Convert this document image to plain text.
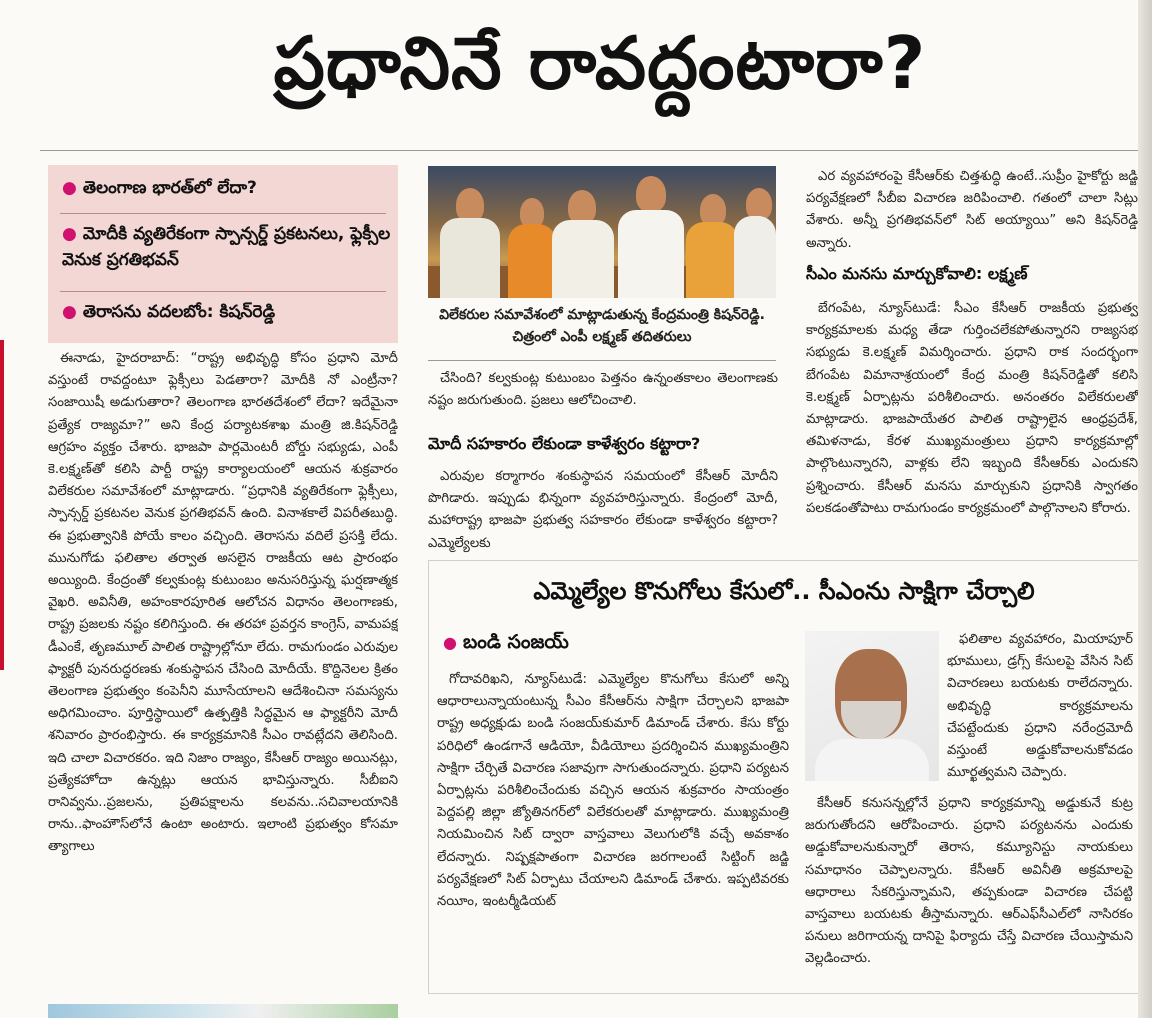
ప్రధానినే రావద్దంటారా?
● తెలంగాణ భారత్‌లో లేదా?
● మోదీకి వ్యతిరేకంగా స్పాన్సర్డ్‌ ప్రకటనలు, ఫ్లెక్సీల వెనుక ప్రగతిభవన్‌
● తెరాసను వదలబోం: కిషన్‌రెడ్డి

ఈనాడు, హైదరాబాద్‌: “రాష్ట్ర అభివృద్ధి కోసం ప్రధాని మోదీ వస్తుంటే రావద్దంటూ ఫ్లెక్సీలు పెడతారా? మోదీకి నో ఎంట్రీనా? సంజాయిషీ అడుగుతారా? తెలంగాణ భారతదేశంలో లేదా? ఇదేమైనా ప్రత్యేక రాజ్యమా?” అని కేంద్ర పర్యాటకశాఖ మంత్రి జి.కిషన్‌రెడ్డి ఆగ్రహం వ్యక్తం చేశారు. భాజపా పార్లమెంటరీ బోర్డు సభ్యుడు, ఎంపీ కె.లక్ష్మణ్‌తో కలిసి పార్టీ రాష్ట్ర కార్యాలయంలో ఆయన శుక్రవారం విలేకరుల సమావేశంలో మాట్లాడారు. “ప్రధానికి వ్యతిరేకంగా ఫ్లెక్సీలు, స్పాన్సర్డ్‌ ప్రకటనల వెనుక ప్రగతిభవన్‌ ఉంది. వినాశకాలే విపరీతబుద్ధి. ఈ ప్రభుత్వానికి పోయే కాలం వచ్చింది. తెరాసను వదిలే ప్రసక్తి లేదు. మునుగోడు ఫలితాల తర్వాత అసలైన రాజకీయ ఆట ప్రారంభం అయ్యింది. కేంద్రంతో కల్వకుంట్ల కుటుంబం అనుసరిస్తున్న ఘర్షణాత్మక వైఖరి. అవినీతి, అహంకారపూరిత ఆలోచన విధానం తెలంగాణకు, రాష్ట్ర ప్రజలకు నష్టం కలిగిస్తుంది. ఈ తరహా ప్రవర్తన కాంగ్రెస్‌, వామపక్ష డీఎంకే, తృణమూల్‌ పాలిత రాష్ట్రాల్లోనూ లేదు. రామగుండం ఎరువుల ఫ్యాక్టరీ పునరుద్ధరణకు శంకుస్థాపన చేసింది మోదీయే. కొద్దినెలల క్రితం తెలంగాణ ప్రభుత్వం కంపెనీని మూసేయాలని ఆదేశించినా సమస్యను అధిగమించాం. పూర్తిస్థాయిలో ఉత్పత్తికి సిద్ధమైన ఆ ఫ్యాక్టరీని మోదీ శనివారం ప్రారంభిస్తారు. ఈ కార్యక్రమానికి సీఎం రావట్లేదని తెలిసింది. ఇది చాలా విచారకరం. ఇది నిజాం రాజ్యం, కేసీఆర్‌ రాజ్యం అయినట్లు, ప్రత్యేకహోదా ఉన్నట్లు ఆయన భావిస్తున్నారు. సీబీఐని రానివ్వను..ప్రజలను, ప్రతిపక్షాలను కలవను..సచివాలయానికి రాను..ఫాంహౌస్‌లోనే ఉంటా అంటారు. ఇలాంటి ప్రభుత్వం కోసమా త్యాగాలు

విలేకరుల సమావేశంలో మాట్లాడుతున్న కేంద్రమంత్రి కిషన్‌రెడ్డి. చిత్రంలో ఎంపీ లక్ష్మణ్‌ తదితరులు

చేసింది? కల్వకుంట్ల కుటుంబం పెత్తనం ఉన్నంతకాలం తెలంగాణకు నష్టం జరుగుతుంది. ప్రజలు ఆలోచించాలి.

మోదీ సహకారం లేకుండా కాళేశ్వరం కట్టారా?

ఎరువుల కర్మాగారం శంకుస్థాపన సమయంలో కేసీఆర్‌ మోదీని పొగిడారు. ఇప్పుడు భిన్నంగా వ్యవహరిస్తున్నారు. కేంద్రంలో మోదీ, మహారాష్ట్ర భాజపా ప్రభుత్వ సహకారం లేకుండా కాళేశ్వరం కట్టారా? ఎమ్మెల్యేలకు

ఎర వ్యవహారంపై కేసీఆర్‌కు చిత్తశుద్ధి ఉంటే..సుప్రీం హైకోర్టు జడ్జి పర్యవేక్షణలో సీబీఐ విచారణ జరిపించాలి. గతంలో చాలా సిట్లు వేశారు. అన్నీ ప్రగతిభవన్‌లో సిట్‌ అయ్యాయి” అని కిషన్‌రెడ్డి అన్నారు.

సీఎం మనసు మార్చుకోవాలి: లక్ష్మణ్‌

బేగంపేట, న్యూస్‌టుడే: సీఎం కేసీఆర్‌ రాజకీయ ప్రభుత్వ కార్యక్రమాలకు మధ్య తేడా గుర్తించలేకపోతున్నారని రాజ్యసభ సభ్యుడు కె.లక్ష్మణ్‌ విమర్శించారు. ప్రధాని రాక సందర్భంగా బేగంపేట విమానాశ్రయంలో కేంద్ర మంత్రి కిషన్‌రెడ్డితో కలిసి కె.లక్ష్మణ్‌ ఏర్పాట్లను పరిశీలించారు. అనంతరం విలేకరులతో మాట్లాడారు. భాజపాయేతర పాలిత రాష్ట్రాలైన ఆంధ్రప్రదేశ్‌, తమిళనాడు, కేరళ ముఖ్యమంత్రులు ప్రధాని కార్యక్రమాల్లో పాల్గొంటున్నారని, వాళ్లకు లేని ఇబ్బంది కేసీఆర్‌కు ఎందుకని ప్రశ్నించారు. కేసీఆర్‌ మనసు మార్చుకుని ప్రధానికి స్వాగతం పలకడంతోపాటు రామగుండం కార్యక్రమంలో పాల్గొనాలని కోరారు.

ఎమ్మెల్యేల కొనుగోలు కేసులో.. సీఎంను సాక్షిగా చేర్చాలి
● బండి సంజయ్‌

గోదావరిఖని, న్యూస్‌టుడే: ఎమ్మెల్యేల కొనుగోలు కేసులో అన్ని ఆధారాలున్నాయంటున్న సీఎం కేసీఆర్‌ను సాక్షిగా చేర్చాలని భాజపా రాష్ట్ర అధ్యక్షుడు బండి సంజయ్‌కుమార్‌ డిమాండ్‌ చేశారు. కేసు కోర్టు పరిధిలో ఉండగానే ఆడియో, వీడియోలు ప్రదర్శించిన ముఖ్యమంత్రిని సాక్షిగా చేర్చితే విచారణ సజావుగా సాగుతుందన్నారు. ప్రధాని పర్యటన ఏర్పాట్లను పరిశీలించేందుకు వచ్చిన ఆయన శుక్రవారం సాయంత్రం పెద్దపల్లి జిల్లా జ్యోతినగర్‌లో విలేకరులతో మాట్లాడారు. ముఖ్యమంత్రి నియమించిన సిట్‌ ద్వారా వాస్తవాలు వెలుగులోకి వచ్చే అవకాశం లేదన్నారు. నిష్పక్షపాతంగా విచారణ జరగాలంటే సిట్టింగ్‌ జడ్జి పర్యవేక్షణలో సిట్‌ ఏర్పాటు చేయాలని డిమాండ్‌ చేశారు. ఇప్పటివరకు నయీం, ఇంటర్మీడియట్‌

ఫలితాల వ్యవహారం, మియాపూర్‌ భూములు, డ్రగ్స్‌ కేసులపై వేసిన సిట్‌ విచారణలు బయటకు రాలేదన్నారు. అభివృద్ధి కార్యక్రమాలను చేపట్టేందుకు ప్రధాని నరేంద్రమోదీ వస్తుంటే అడ్డుకోవాలనుకోవడం మూర్ఖత్వమని చెప్పారు.

కేసీఆర్‌ కనుసన్నల్లోనే ప్రధాని కార్యక్రమాన్ని అడ్డుకునే కుట్ర జరుగుతోందని ఆరోపించారు. ప్రధాని పర్యటనను ఎందుకు అడ్డుకోవాలనుకున్నారో తెరాస, కమ్యూనిస్టు నాయకులు సమాధానం చెప్పాలన్నారు. కేసీఆర్‌ అవినీతి అక్రమాలపై ఆధారాలు సేకరిస్తున్నామని, తప్పకుండా విచారణ చేపట్టి వాస్తవాలు బయటకు తీస్తామన్నారు. ఆర్‌ఎఫ్‌సీఎల్‌లో నాసిరకం పనులు జరిగాయన్న దానిపై ఫిర్యాదు చేస్తే విచారణ చేయిస్తామని వెల్లడించారు.
